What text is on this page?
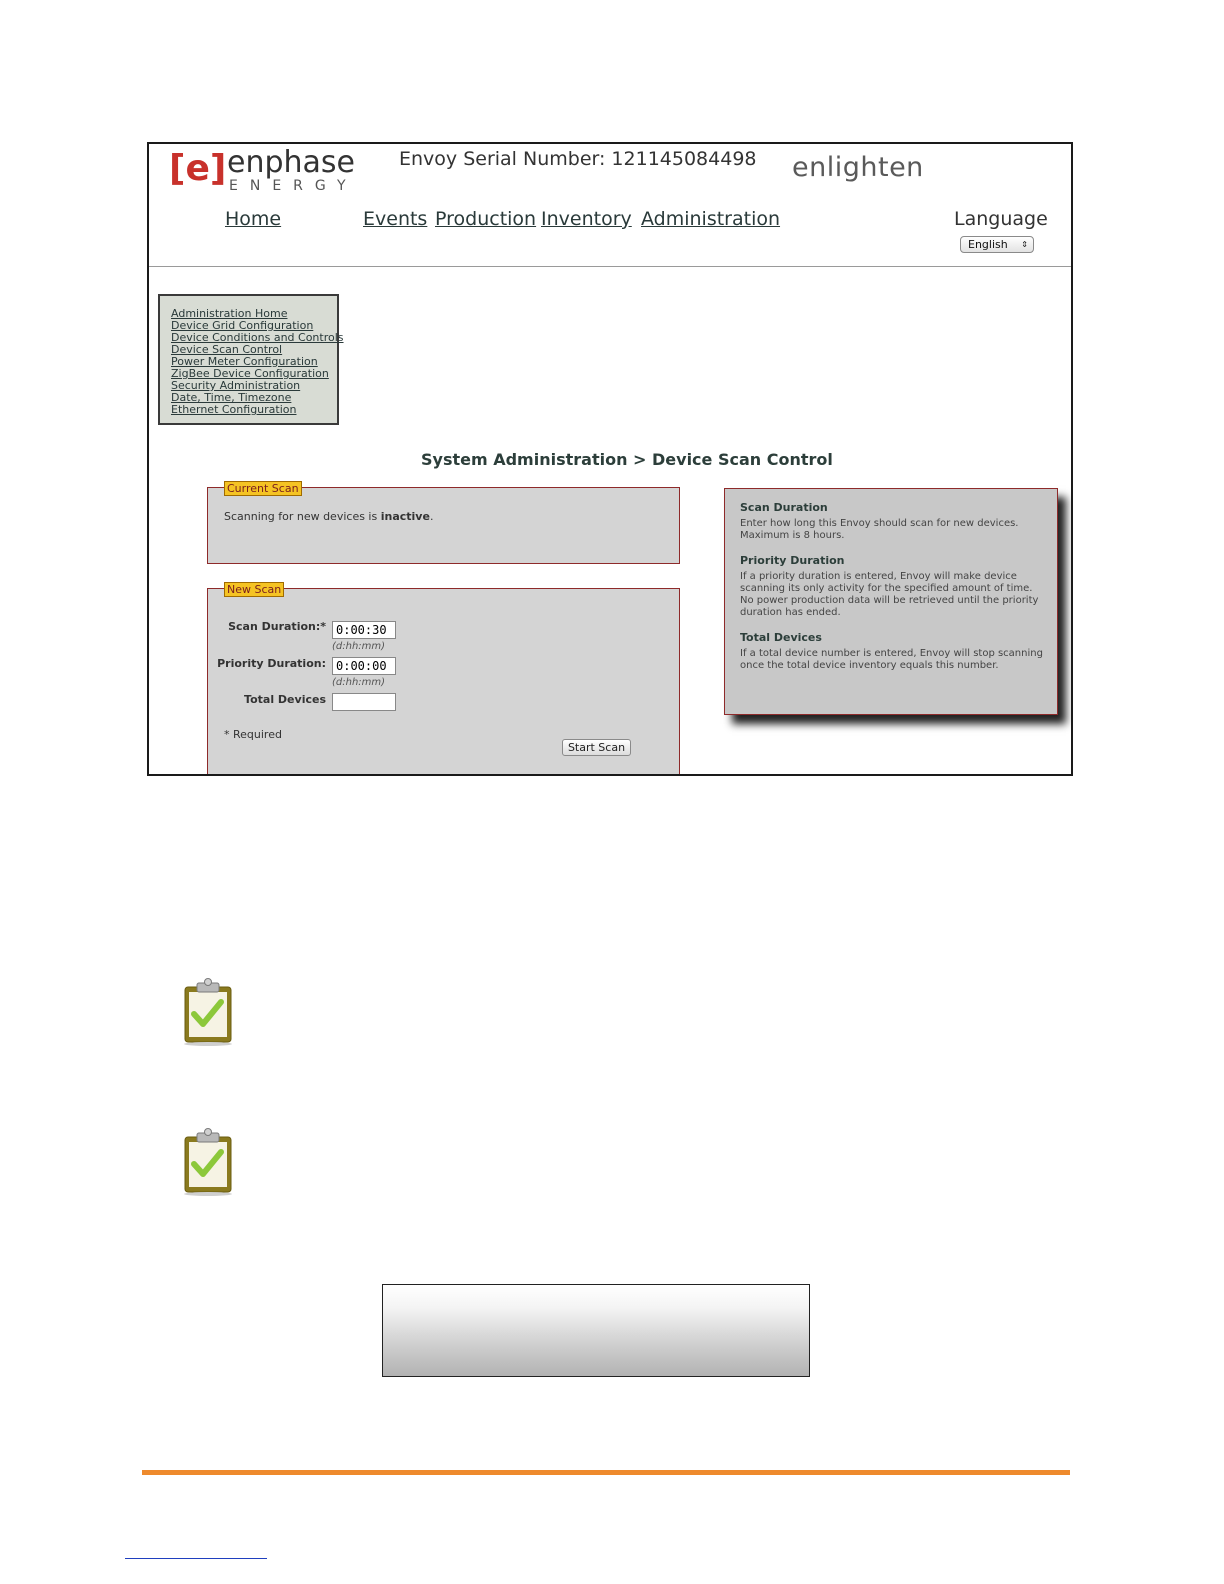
[e] enphase
ENERGY
Envoy Serial Number: 121145084498 enlighten
Home	Events Production Inventory Administration	Language
English ⇕
Administration Home
Device Grid Configuration
Device Conditions and Controls
Device Scan Control
Power Meter Configuration
ZigBee Device Configuration
Security Administration
Date, Time, Timezone
Ethernet Configuration
System Administration > Device Scan Control
Current Scan
Scanning for new devices is inactive.
New Scan
Scan Duration:*
0:00:30
(d:hh:mm)
Priority Duration:
0:00:00
(d:hh:mm)
Total Devices
* Required
Start Scan
Scan Duration
Enter how long this Envoy should scan for new devices. Maximum is 8 hours.
Priority Duration
If a priority duration is entered, Envoy will make device scanning its only activity for the specified amount of time. No power production data will be retrieved until the priority duration has ended.
Total Devices
If a total device number is entered, Envoy will stop scanning once the total device inventory equals this number.
